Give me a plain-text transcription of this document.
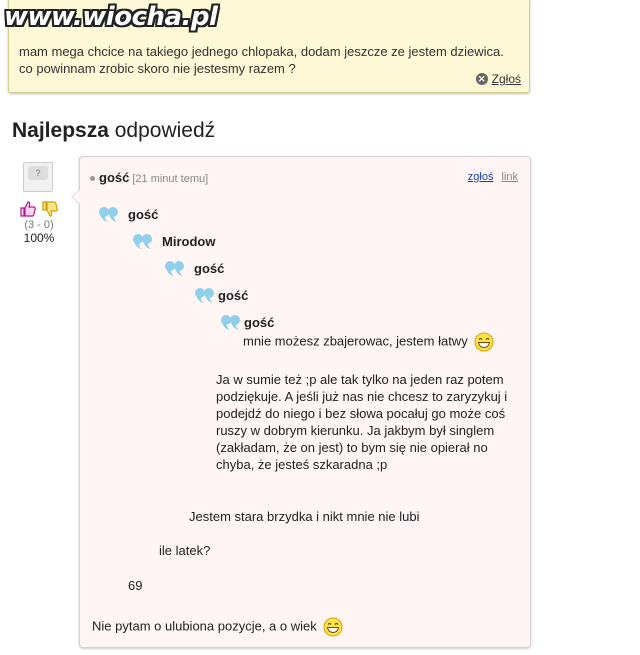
mam mega chcice na takiego jednego chlopaka, dodam jeszcze ze jestem dziewica. co powinnam zrobic skoro nie jestesmy razem ?
✕ Zgłoś
www.wiocha.pl
Najlepsza odpowiedź
?
(3 - 0)
100%
gość [21 minut temu]	zgłoś link
gość
Mirodow
gość
gość
gość
mnie możesz zbajerowac, jestem łatwy
Ja w sumie też ;p ale tak tylko na jeden raz potem podziękuje. A jeśli już nas nie chcesz to zaryzykuj i podejdź do niego i bez słowa pocałuj go może coś ruszy w dobrym kierunku. Ja jakbym był singlem (zakładam, że on jest) to bym się nie opierał no chyba, że jesteś szkaradna ;p
Jestem stara brzydka i nikt mnie nie lubi
ile latek?
69
Nie pytam o ulubiona pozycje, a o wiek
